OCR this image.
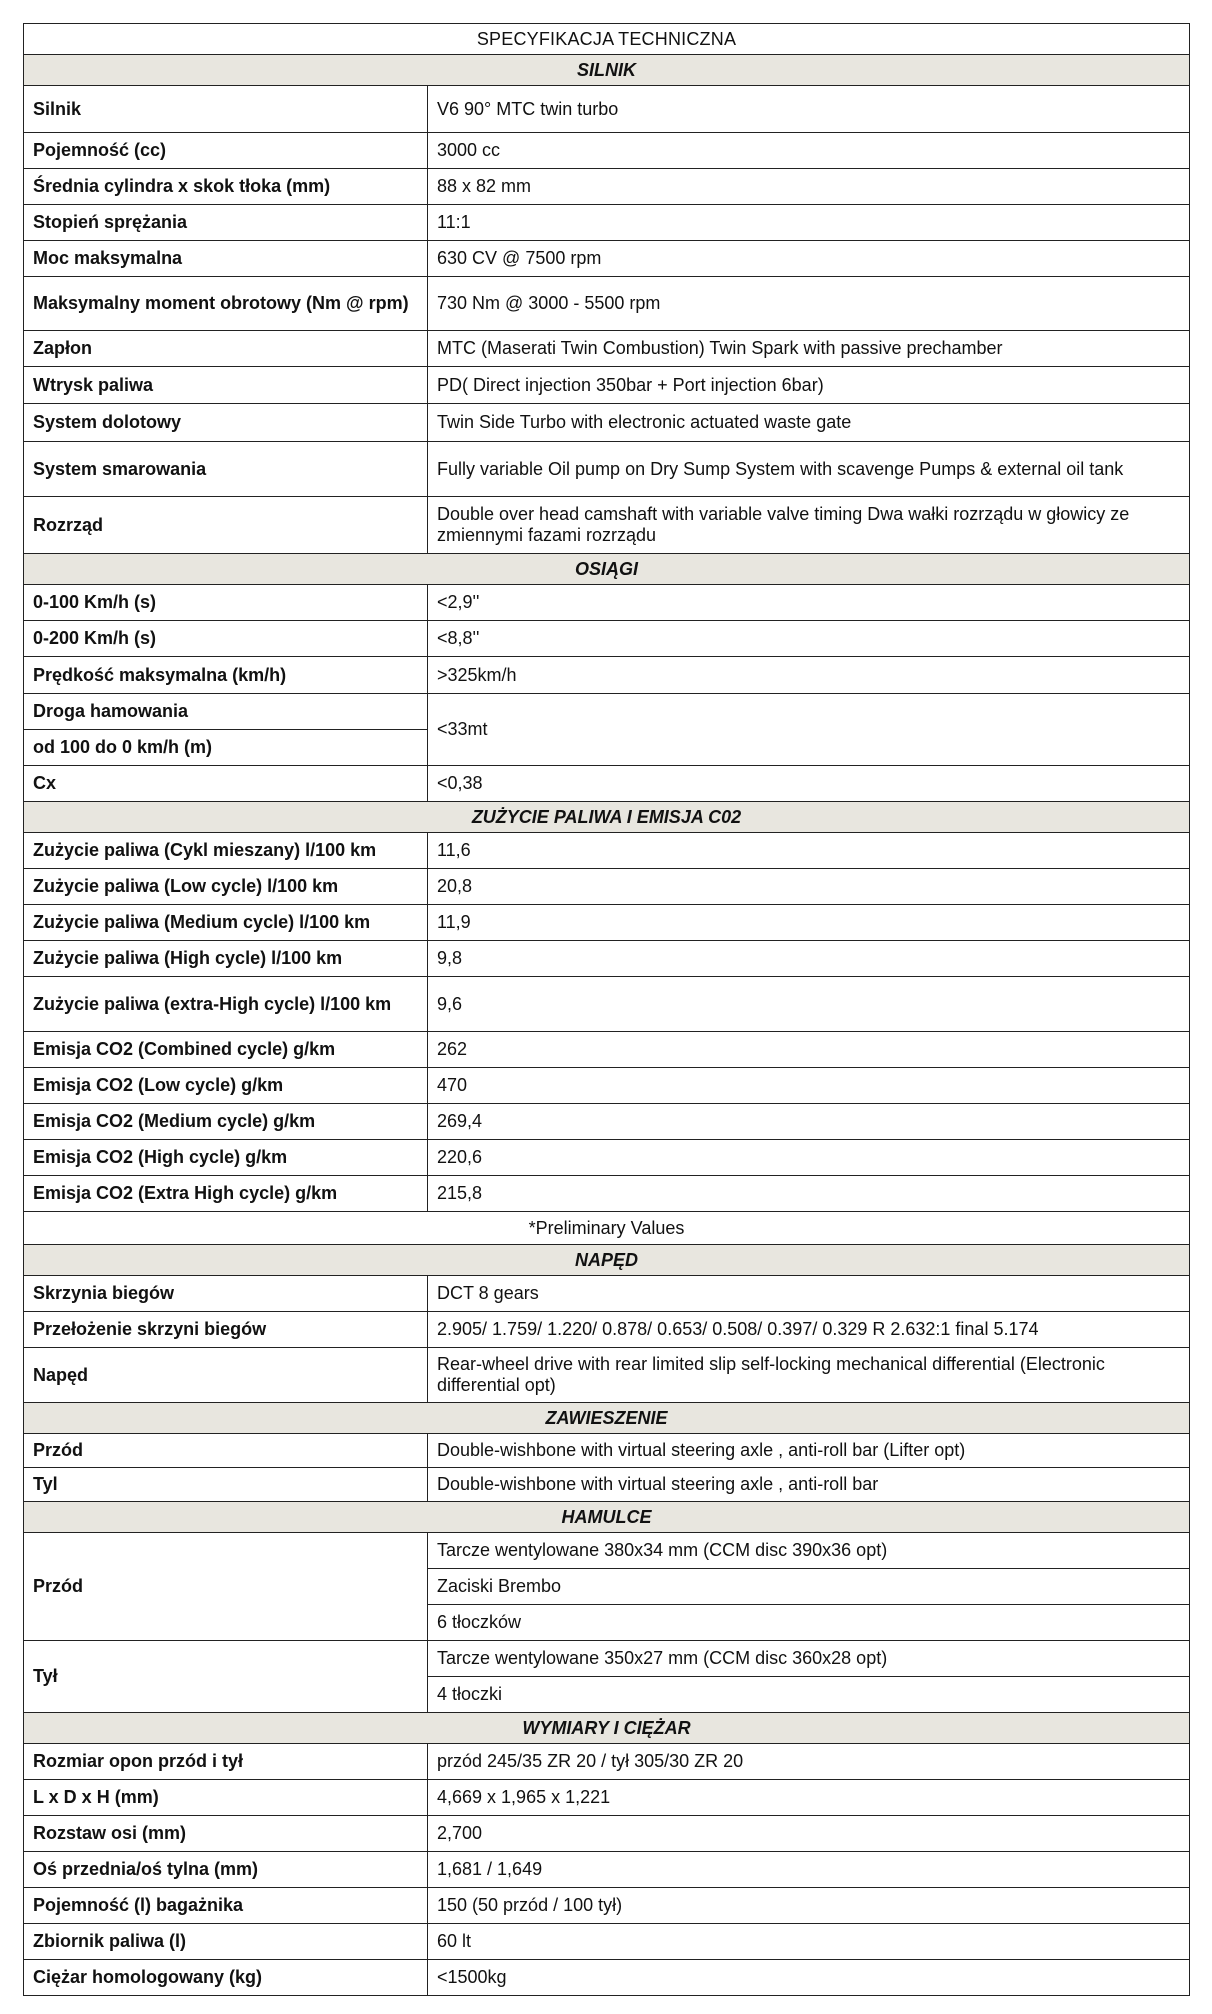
SPECYFIKACJA TECHNICZNA	
SILNIK	
Silnik	V6 90° MTC twin turbo
Pojemność (cc)	3000 cc
Średnia cylindra x skok tłoka (mm)	88 x 82 mm
Stopień sprężania	11:1
Moc maksymalna	630 CV @ 7500 rpm
Maksymalny moment obrotowy (Nm @ rpm)	730 Nm @ 3000 - 5500 rpm
Zapłon	MTC (Maserati Twin Combustion) Twin Spark with passive prechamber
Wtrysk paliwa	PD( Direct injection 350bar + Port injection 6bar)
System dolotowy	Twin Side Turbo with electronic actuated waste gate
System smarowania	Fully variable Oil pump on Dry Sump System with scavenge Pumps & external oil tank
Rozrząd	Double over head camshaft with variable valve timing Dwa wałki rozrządu w głowicy ze zmiennymi fazami rozrządu
OSIĄGI	
0-100 Km/h (s)	<2,9''
0-200 Km/h (s)	<8,8''
Prędkość maksymalna (km/h)	>325km/h
Droga hamowania	<33mt
od 100 do 0 km/h (m)	
Cx	<0,38
ZUŻYCIE PALIWA I EMISJA C02	
Zużycie paliwa (Cykl mieszany) l/100 km	11,6
Zużycie paliwa (Low cycle) l/100 km	20,8
Zużycie paliwa (Medium cycle) l/100 km	11,9
Zużycie paliwa (High cycle) l/100 km	9,8
Zużycie paliwa (extra-High cycle) l/100 km	9,6
Emisja CO2 (Combined cycle) g/km	262
Emisja CO2 (Low cycle) g/km	470
Emisja CO2 (Medium cycle) g/km	269,4
Emisja CO2 (High cycle) g/km	220,6
Emisja CO2 (Extra High cycle) g/km	215,8
*Preliminary Values	
NAPĘD	
Skrzynia biegów	DCT 8 gears
Przełożenie skrzyni biegów	2.905/ 1.759/ 1.220/ 0.878/ 0.653/ 0.508/ 0.397/ 0.329 R 2.632:1 final 5.174
Napęd	Rear-wheel drive with rear limited slip self-locking mechanical differential (Electronic differential opt)
ZAWIESZENIE	
Przód	Double-wishbone with virtual steering axle , anti-roll bar (Lifter opt)
Tyl	Double-wishbone with virtual steering axle , anti-roll bar
HAMULCE	
Przód	Tarcze wentylowane 380x34 mm (CCM disc 390x36 opt)
	Zaciski Brembo
	6 tłoczków
Tył	Tarcze wentylowane 350x27 mm (CCM disc 360x28 opt)
	4 tłoczki
WYMIARY I CIĘŻAR	
Rozmiar opon przód i tył	przód 245/35 ZR 20 / tył 305/30 ZR 20
L x D x H (mm)	4,669 x 1,965 x 1,221
Rozstaw osi (mm)	2,700
Oś przednia/oś tylna (mm)	1,681 / 1,649
Pojemność (l) bagażnika	150 (50 przód / 100 tył)
Zbiornik paliwa (l)	60 lt
Ciężar homologowany (kg)	<1500kg
